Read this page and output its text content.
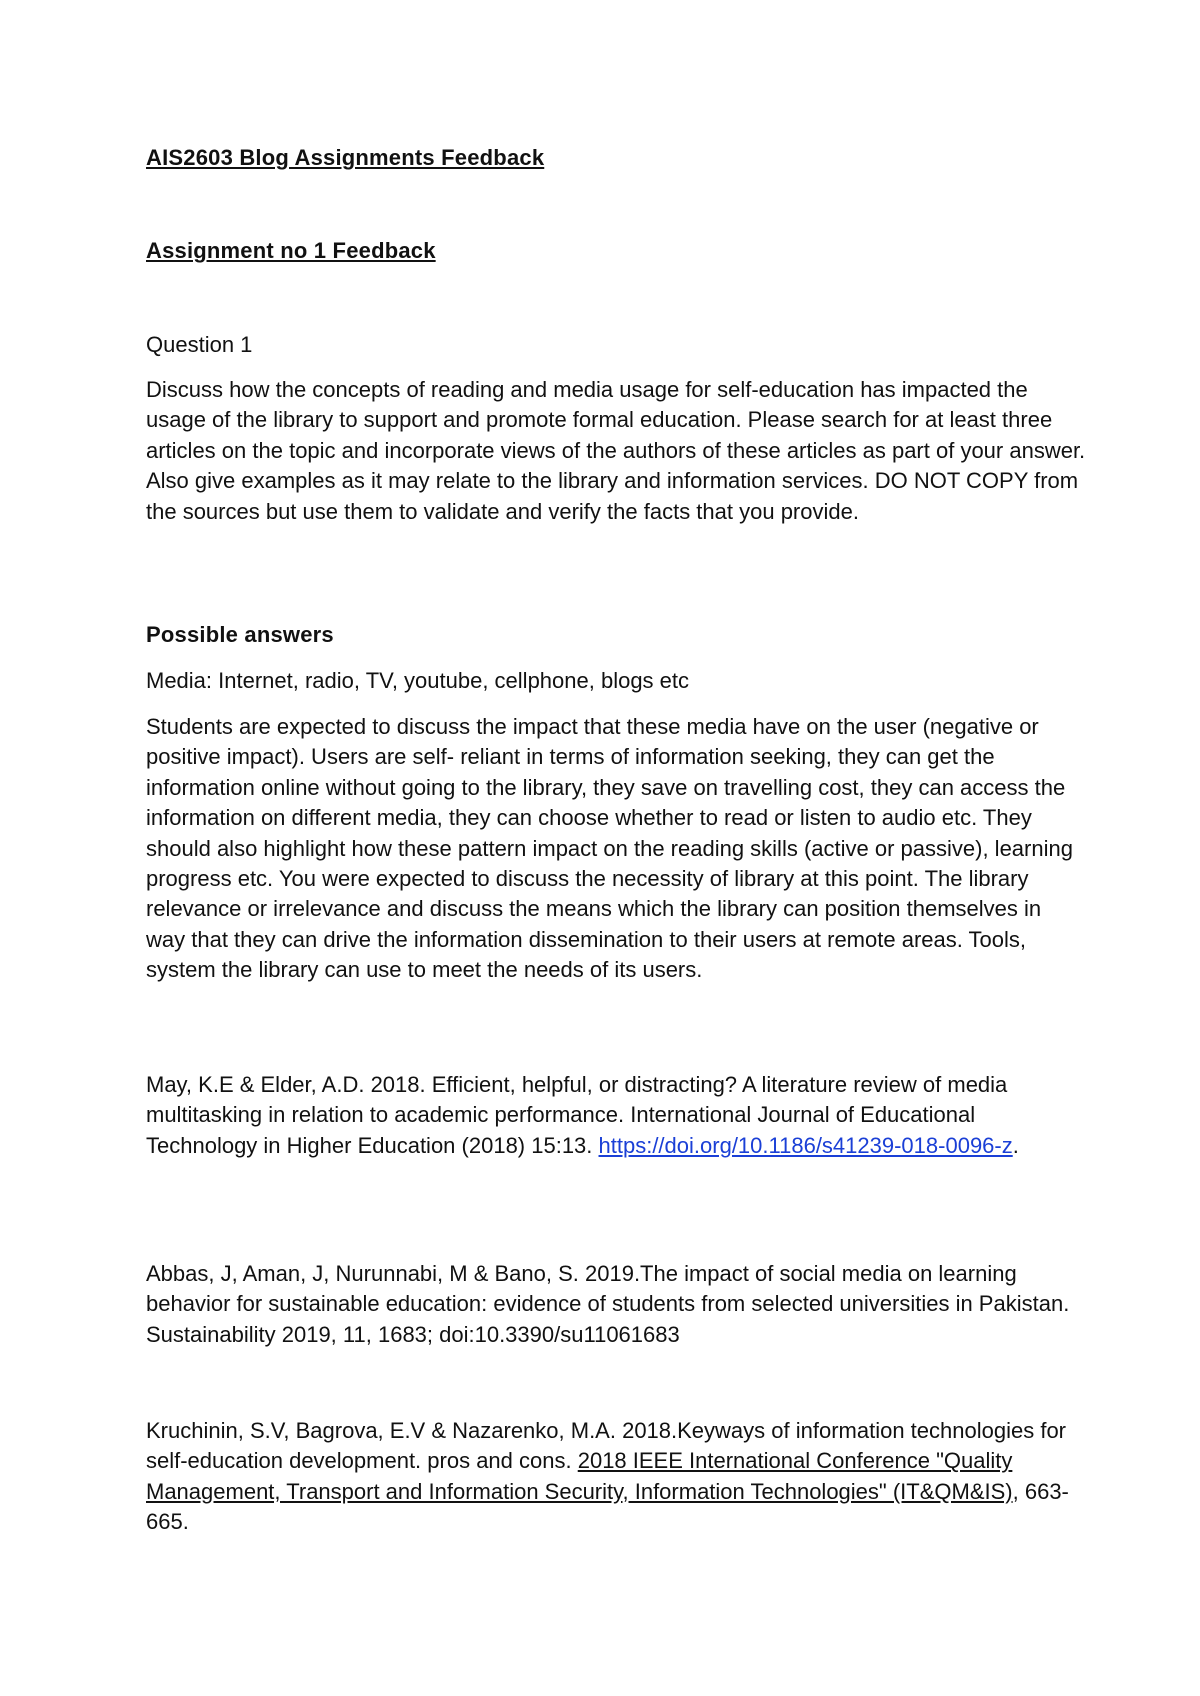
AIS2603 Blog Assignments Feedback

Assignment no 1 Feedback

Question 1

Discuss how the concepts of reading and media usage for self-education has impacted the usage of the library to support and promote formal education. Please search for at least three articles on the topic and incorporate views of the authors of these articles as part of your answer. Also give examples as it may relate to the library and information services. DO NOT COPY from the sources but use them to validate and verify the facts that you provide.

Possible answers

Media: Internet, radio, TV, youtube, cellphone, blogs etc

Students are expected to discuss the impact that these media have on the user (negative or positive impact). Users are self- reliant in terms of information seeking, they can get the information online without going to the library, they save on travelling cost, they can access the information on different media, they can choose whether to read or listen to audio etc. They should also highlight how these pattern impact on the reading skills (active or passive), learning progress etc. You were expected to discuss the necessity of library at this point. The library relevance or irrelevance and discuss the means which the library can position themselves in way that they can drive the information dissemination to their users at remote areas. Tools, system the library can use to meet the needs of its users.

May, K.E & Elder, A.D. 2018. Efficient, helpful, or distracting? A literature review of media multitasking in relation to academic performance. International Journal of Educational Technology in Higher Education (2018) 15:13. https://doi.org/10.1186/s41239-018-0096-z.

Abbas, J, Aman, J, Nurunnabi, M & Bano, S. 2019.The impact of social media on learning behavior for sustainable education: evidence of students from selected universities in Pakistan. Sustainability 2019, 11, 1683; doi:10.3390/su11061683

Kruchinin, S.V, Bagrova, E.V & Nazarenko, M.A. 2018.Keyways of information technologies for self-education development. pros and cons. 2018 IEEE International Conference "Quality Management, Transport and Information Security, Information Technologies" (IT&QM&IS), 663-665.
